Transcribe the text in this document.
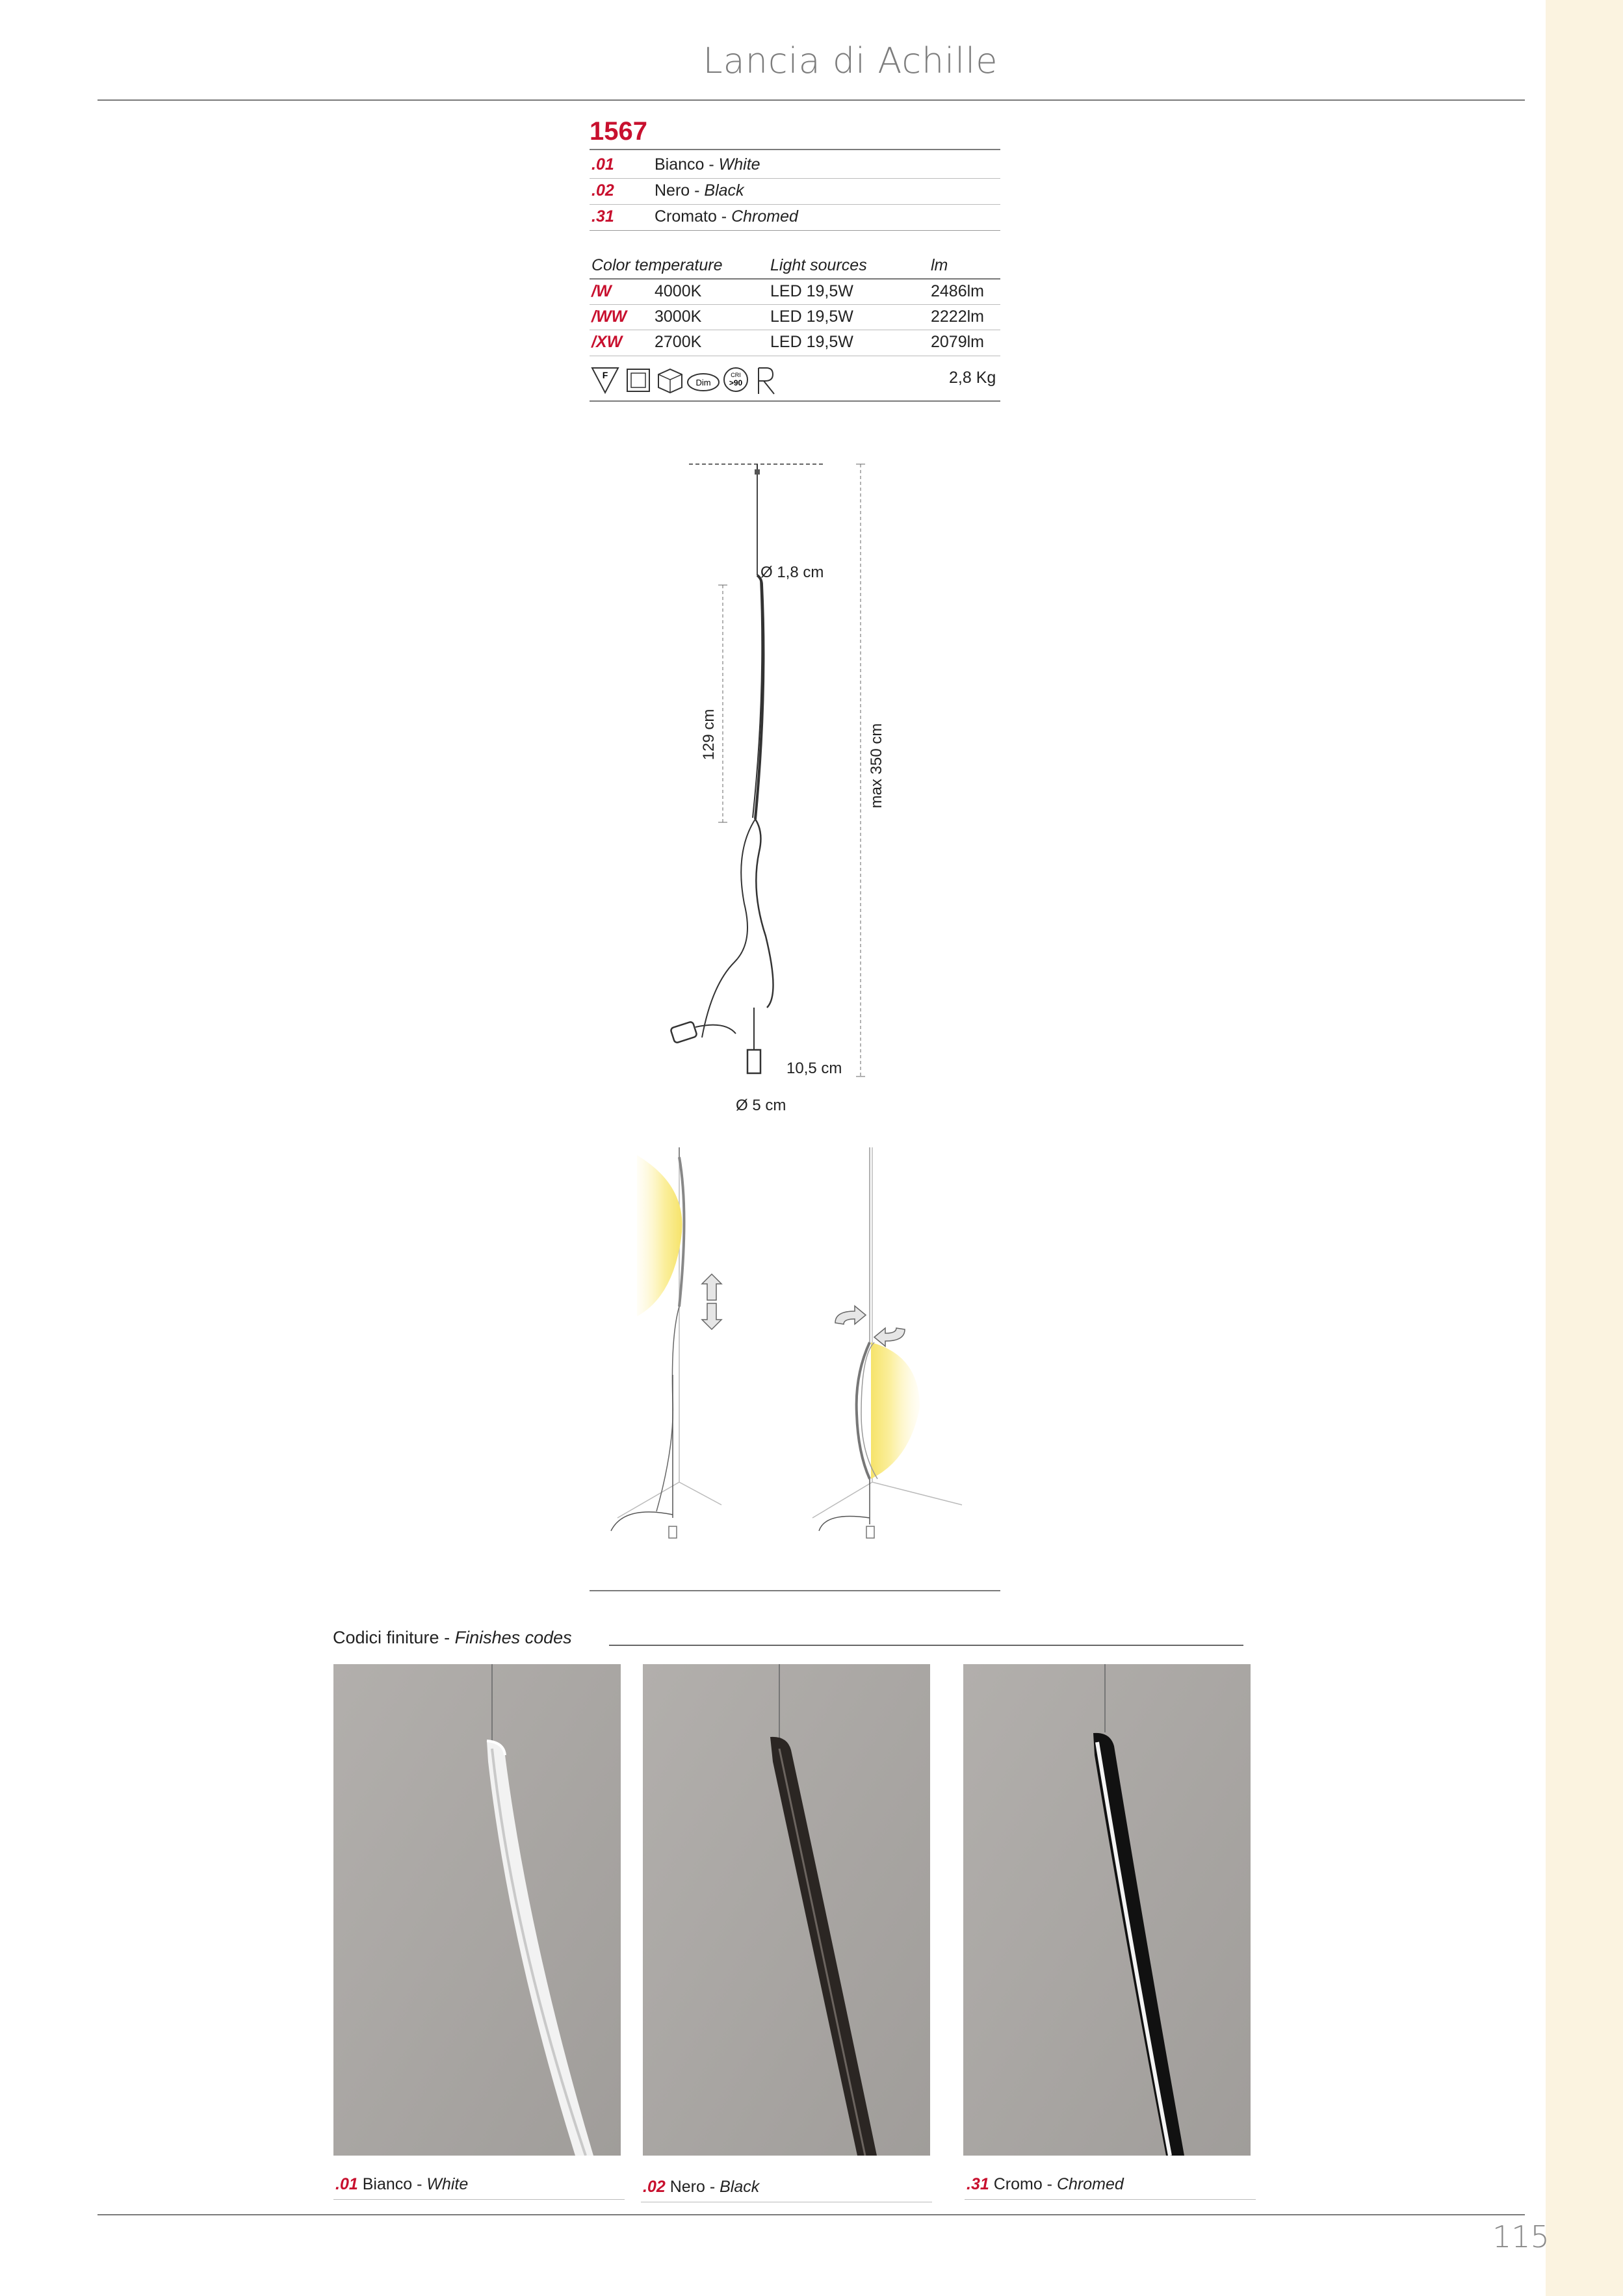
Lancia di Achille
1567
.01 Bianco - White
.02 Nero - Black
.31 Cromato - Chromed
Color temperature	Light sources	lm
/W	4000K	LED 19,5W	2486lm
/WW 3000K	LED 19,5W	2222lm
/XW 2700K	LED 19,5W	2079lm
F
Dim
CRI
>90	2,8 Kg
Ø 1,8 cm
129 cm	max 350 cm
10,5 cm
Ø 5 cm
Codici finiture - Finishes codes
.01 Bianco - White	.02 Nero - Black	.31 Cromo - Chromed
115
